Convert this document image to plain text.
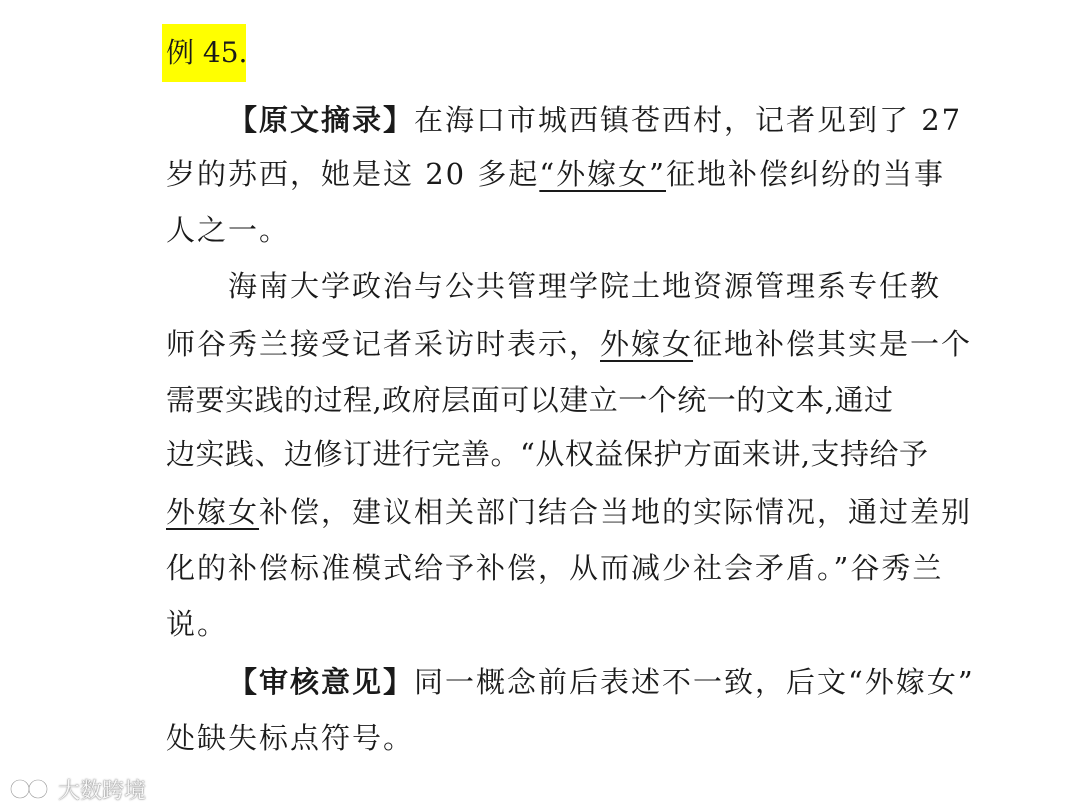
例 45.
【原文摘录】在海口市城西镇苍西村，记者见到了 27
岁的苏西，她是这 20 多起“外嫁女”征地补偿纠纷的当事
人之一。
海南大学政治与公共管理学院土地资源管理系专任教
师谷秀兰接受记者采访时表示，外嫁女征地补偿其实是一个
需要实践的过程,政府层面可以建立一个统一的文本,通过
边实践、边修订进行完善。“从权益保护方面来讲,支持给予
外嫁女补偿，建议相关部门结合当地的实际情况，通过差别
化的补偿标准模式给予补偿，从而减少社会矛盾。”谷秀兰
说。
【审核意见】同一概念前后表述不一致，后文“外嫁女”
处缺失标点符号。
大数跨境
